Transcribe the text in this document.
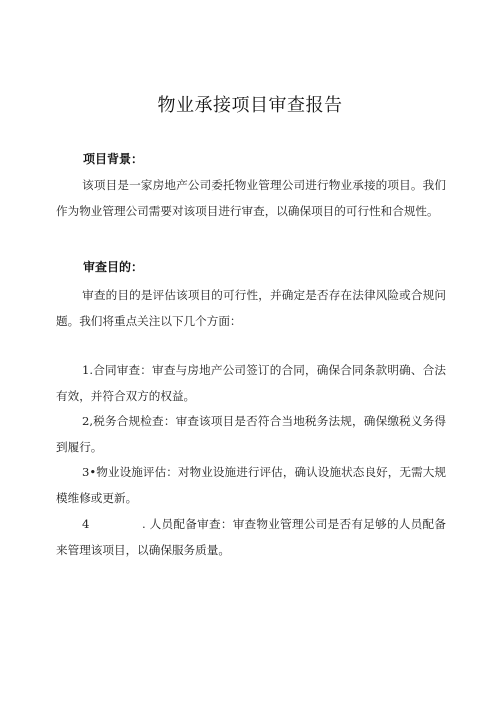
物业承接项目审查报告
项目背景：
该项目是一家房地产公司委托物业管理公司进行物业承接的项目。我们作为物业管理公司需要对该项目进行审查，以确保项目的可行性和合规性。
审查目的：
审查的目的是评估该项目的可行性，并确定是否存在法律风险或合规问题。我们将重点关注以下几个方面：
1.合同审查：审查与房地产公司签订的合同，确保合同条款明确、合法有效，并符合双方的权益。
2,税务合规检查：审查该项目是否符合当地税务法规，确保缴税义务得到履行。
3•物业设施评估：对物业设施进行评估，确认设施状态良好，无需大规模维修或更新。
4	. 人员配备审查：审查物业管理公司是否有足够的人员配备来管理该项目，以确保服务质量。
